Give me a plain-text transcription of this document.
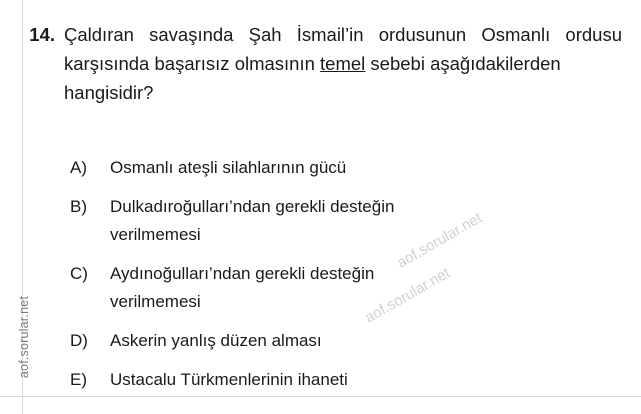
aof.sorular.net
14. Çaldıran savaşında Şah İsmail’in ordusunun Osmanlı ordusu karşısında başarısız olmasının temel sebebi aşağıdakilerden
hangisidir?
A)	Osmanlı ateşli silahlarının gücü
B)	Dulkadıroğulları’ndan gerekli desteğin
verilmemesi
C)	Aydınoğulları’ndan gerekli desteğin
verilmemesi
D)	Askerin yanlış düzen alması
E)	Ustacalu Türkmenlerinin ihaneti
aof.sorular.net
aof.sorular.net
